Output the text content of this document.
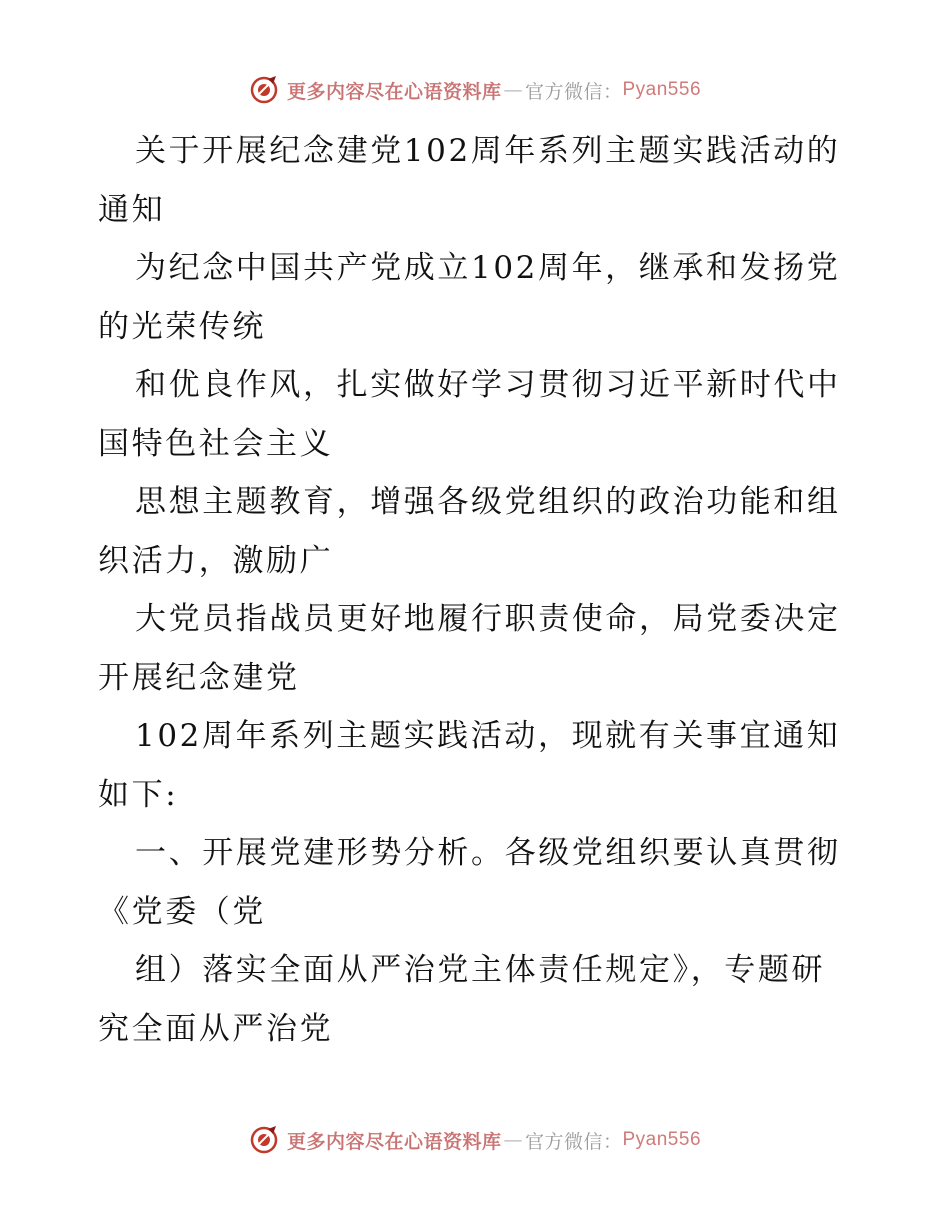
更多内容尽在心语资料库 — 官方微信： Pyan556
关于开展纪念建党102周年系列主题实践活动的
通知
为纪念中国共产党成立102周年，继承和发扬党
的光荣传统
和优良作风，扎实做好学习贯彻习近平新时代中
国特色社会主义
思想主题教育，增强各级党组织的政治功能和组
织活力，激励广
大党员指战员更好地履行职责使命，局党委决定
开展纪念建党
102周年系列主题实践活动，现就有关事宜通知
如下:
一、开展党建形势分析。各级党组织要认真贯彻
《党委（党
组）落实全面从严治党主体责任规定》，专题研
究全面从严治党
更多内容尽在心语资料库 — 官方微信： Pyan556
